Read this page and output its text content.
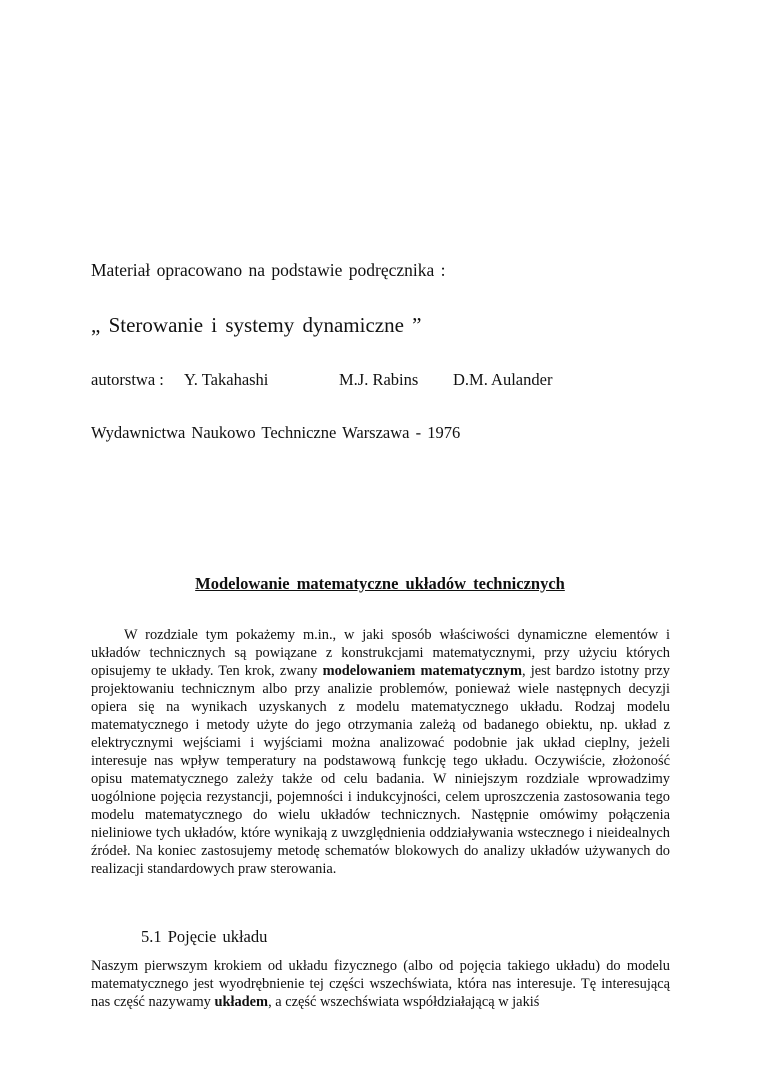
Materiał opracowano na podstawie podręcznika :
„ Sterowanie i systemy dynamiczne ”
autorstwa : Y. Takahashi	M.J. Rabins D.M. Aulander
Wydawnictwa Naukowo Techniczne Warszawa - 1976
Modelowanie matematyczne układów technicznych

W rozdziale tym pokażemy m.in., w jaki sposób właściwości dynamiczne elementów i układów technicznych są powiązane z konstrukcjami matematycznymi, przy użyciu których opisujemy te układy. Ten krok, zwany modelowaniem matematycznym, jest bardzo istotny przy projektowaniu technicznym albo przy analizie problemów, ponieważ wiele następnych decyzji opiera się na wynikach uzyskanych z modelu matematycznego układu. Rodzaj modelu matematycznego i metody użyte do jego otrzymania zależą od badanego obiektu, np. układ z elektrycznymi wejściami i wyjściami można analizować podobnie jak układ cieplny, jeżeli interesuje nas wpływ temperatury na podstawową funkcję tego układu. Oczywiście, złożoność opisu matematycznego zależy także od celu badania. W niniejszym rozdziale wprowadzimy uogólnione pojęcia rezystancji, pojemności i indukcyjności, celem uproszczenia zastosowania tego modelu matematycznego do wielu układów technicznych. Następnie omówimy połączenia nieliniowe tych układów, które wynikają z uwzględnienia oddziaływania wstecznego i nieidealnych źródeł. Na koniec zastosujemy metodę schematów blokowych do analizy układów używanych do realizacji standardowych praw sterowania.

5.1 Pojęcie układu

Naszym pierwszym krokiem od układu fizycznego (albo od pojęcia takiego układu) do modelu matematycznego jest wyodrębnienie tej części wszechświata, która nas interesuje. Tę interesującą nas część nazywamy układem, a część wszechświata współdziałającą w jakiś
